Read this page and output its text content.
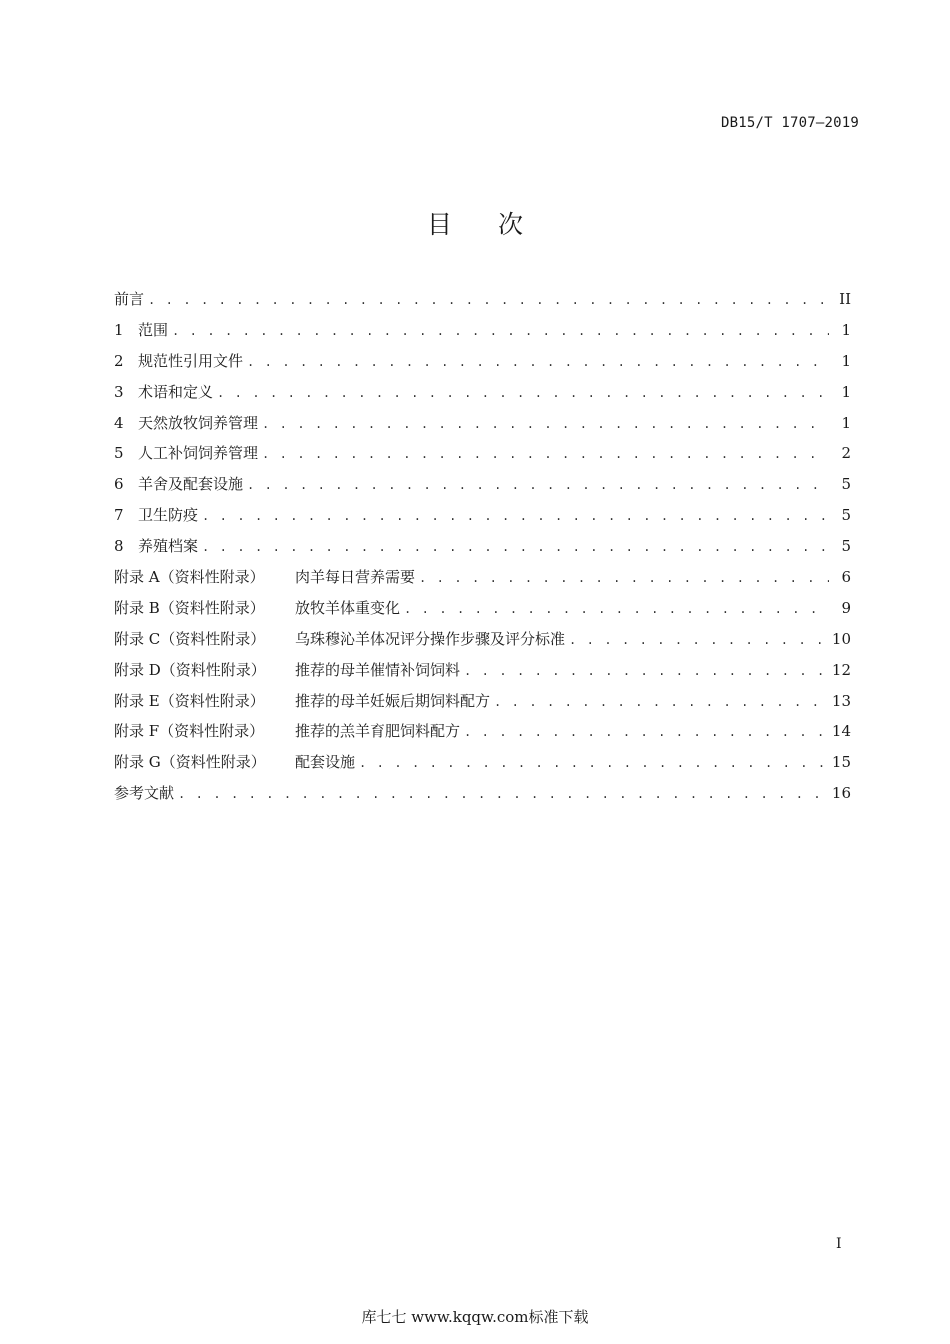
DB15/T 1707—2019
目次
前言 . . .	II
1 范围 . . .	1
2 规范性引用文件 . . .	1
3 术语和定义 . . .	1
4 天然放牧饲养管理 . . .	1
5 人工补饲饲养管理 . . .	2
6 羊舍及配套设施 . . .	5
7 卫生防疫 . . .	5
8 养殖档案 . . .	5
附录 A（资料性附录）	肉羊每日营养需要 . . .	6
附录 B（资料性附录）	放牧羊体重变化 . . .	9
附录 C（资料性附录）	乌珠穆沁羊体况评分操作步骤及评分标准 . . .	10
附录 D（资料性附录）	推荐的母羊催情补饲饲料 . . .	12
附录 E（资料性附录）	推荐的母羊妊娠后期饲料配方 . . .	13
附录 F（资料性附录）	推荐的羔羊育肥饲料配方 . . .	14
附录 G（资料性附录）	配套设施 . . .	15
参考文献 . . .	16
I
库七七 www.kqqw.com标准下载
